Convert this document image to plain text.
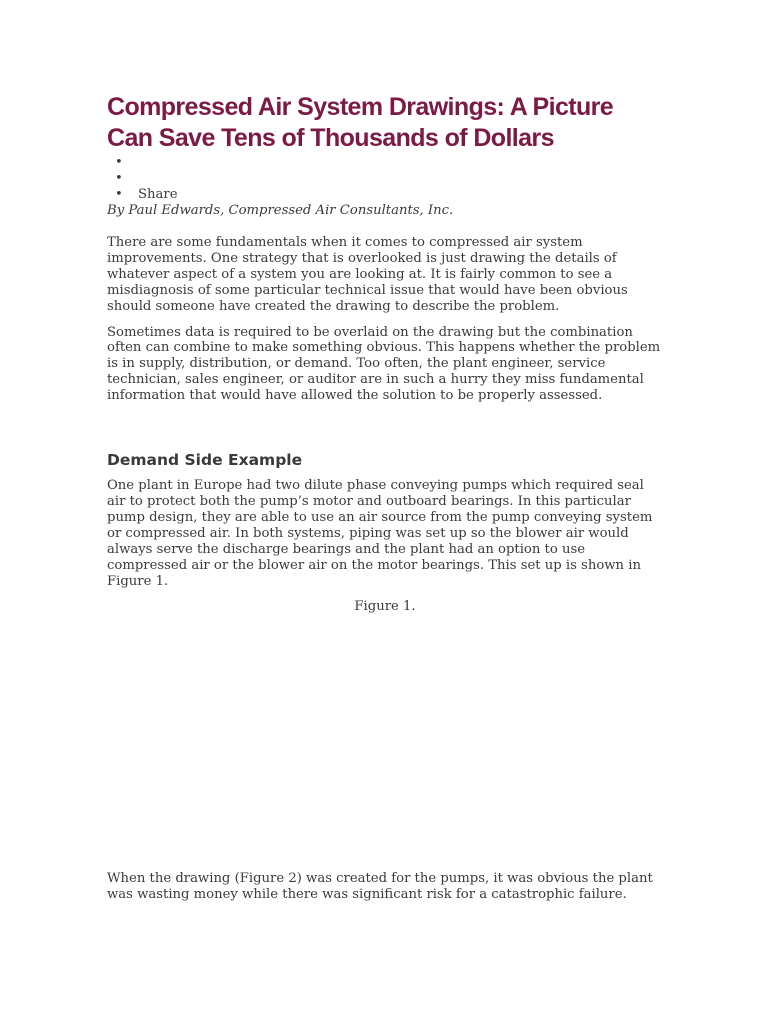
Compressed Air System Drawings: A Picture Can Save Tens of Thousands of Dollars
•
•
• Share

By Paul Edwards, Compressed Air Consultants, Inc.

There are some fundamentals when it comes to compressed air system improvements. One strategy that is overlooked is just drawing the details of whatever aspect of a system you are looking at. It is fairly common to see a misdiagnosis of some particular technical issue that would have been obvious should someone have created the drawing to describe the problem.

Sometimes data is required to be overlaid on the drawing but the combination often can combine to make something obvious. This happens whether the problem is in supply, distribution, or demand. Too often, the plant engineer, service technician, sales engineer, or auditor are in such a hurry they miss fundamental information that would have allowed the solution to be properly assessed.

Demand Side Example

One plant in Europe had two dilute phase conveying pumps which required seal air to protect both the pump’s motor and outboard bearings. In this particular pump design, they are able to use an air source from the pump conveying system or compressed air. In both systems, piping was set up so the blower air would always serve the discharge bearings and the plant had an option to use compressed air or the blower air on the motor bearings. This set up is shown in Figure 1.

Figure 1.

When the drawing (Figure 2) was created for the pumps, it was obvious the plant was wasting money while there was significant risk for a catastrophic failure.
